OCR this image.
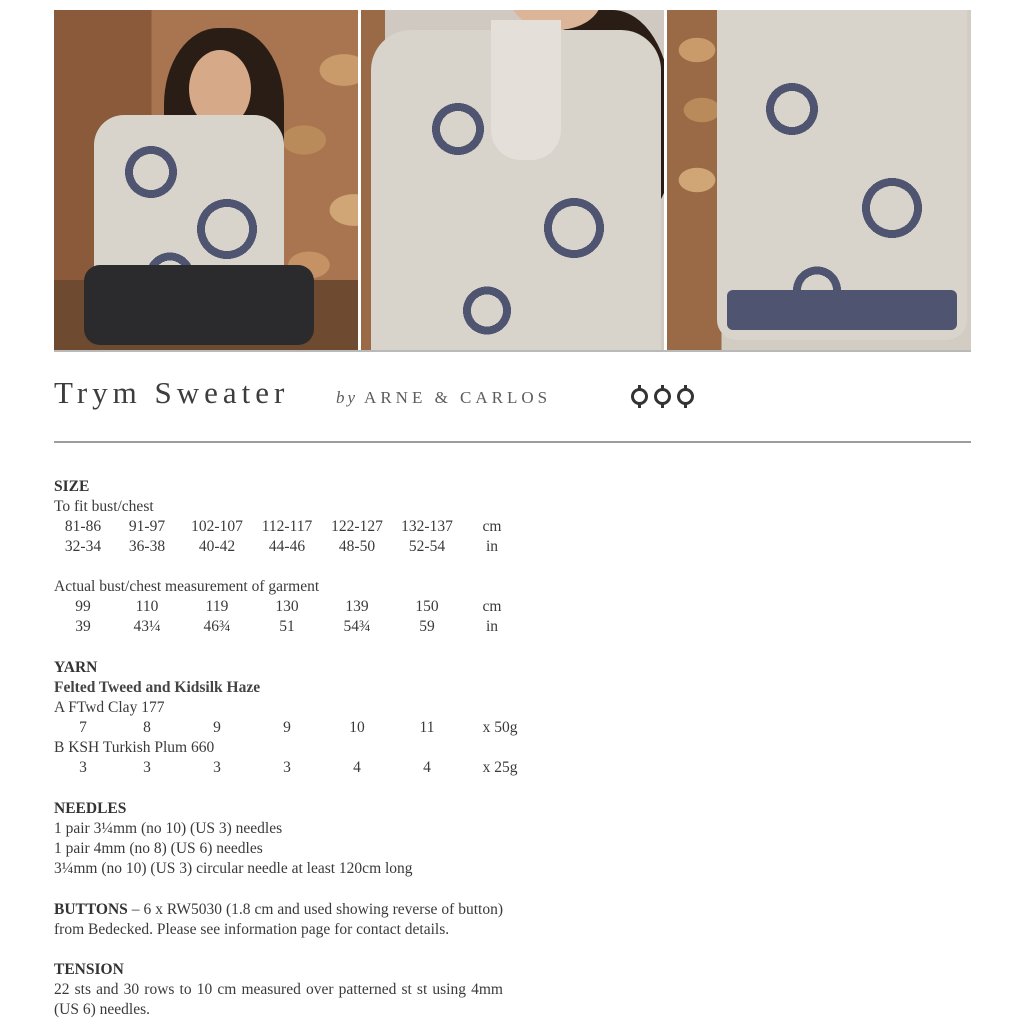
Trym Sweater	by ARNE & CARLOS
SIZE
To fit bust/chest
81-86	91-97	102-107	112-117	122-127	132-137	cm
32-34	36-38	40-42	44-46	48-50	52-54	in
Actual bust/chest measurement of garment
99	110	119	130	139	150	cm
39	43¼	46¾	51	54¾	59	in
YARN
Felted Tweed and Kidsilk Haze
A FTwd Clay 177
7	8	9	9	10	11	x 50g
B KSH Turkish Plum 660
3	3	3	3	4	4	x 25g
NEEDLES
1 pair 3¼mm (no 10) (US 3) needles
1 pair 4mm (no 8) (US 6) needles
3¼mm (no 10) (US 3) circular needle at least 120cm long
BUTTONS – 6 x RW5030 (1.8 cm and used showing reverse of button) from Bedecked. Please see information page for contact details.
TENSION
22 sts and 30 rows to 10 cm measured over patterned st st using 4mm (US 6) needles.
